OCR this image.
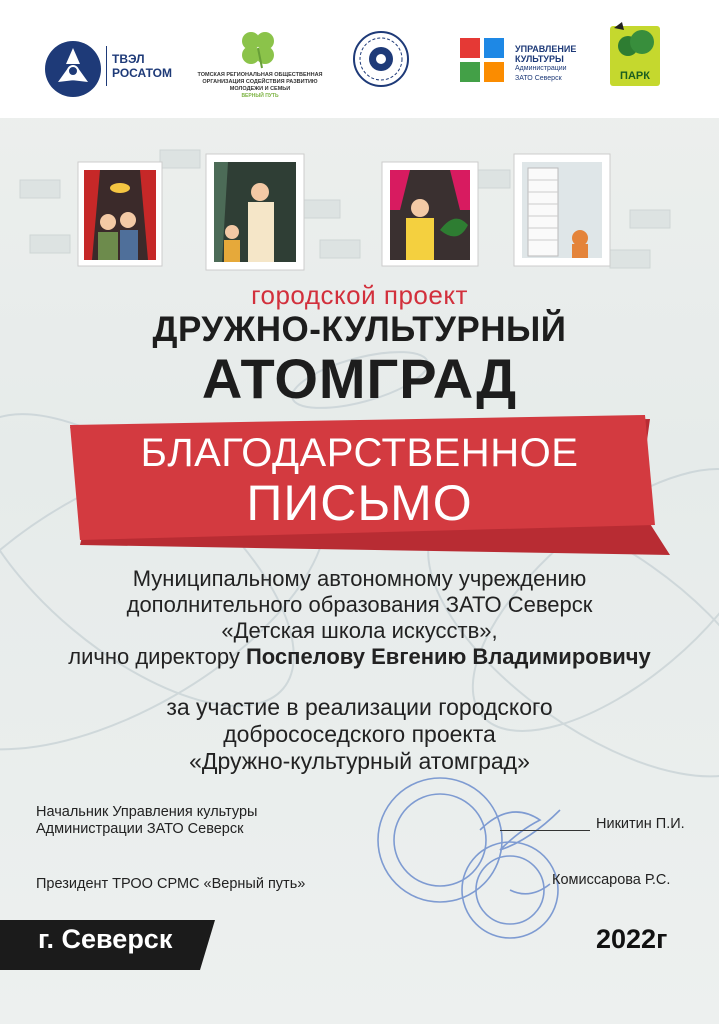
ТВЭЛ
РОСАТОМ	ТОМСКАЯ РЕГИОНАЛЬНАЯ ОБЩЕСТВЕННАЯ ОРГАНИЗАЦИЯ СОДЕЙСТВИЯ РАЗВИТИЮ МОЛОДЕЖИ И СЕМЬИ
ВЕРНЫЙ ПУТЬ
УПРАВЛЕНИЕ
КУЛЬТУРЫ
Администрации
ЗАТО Северск	ПАРК
городской проект
ДРУЖНО-КУЛЬТУРНЫЙ
АТОМГРАД
БЛАГОДАРСТВЕННОЕ
ПИСЬМО
Муниципальному автономному учреждению
дополнительного образования ЗАТО Северск
«Детская школа искусств»,
лично директору Поспелову Евгению Владимировичу
за участие в реализации городского
добрососедского проекта
«Дружно-культурный атомград»
Начальник Управления культуры
Администрации ЗАТО Северск	Никитин П.И.
Президент ТРОО СРМС «Верный путь»	Комиссарова Р.С.
г. Северск	2022г
